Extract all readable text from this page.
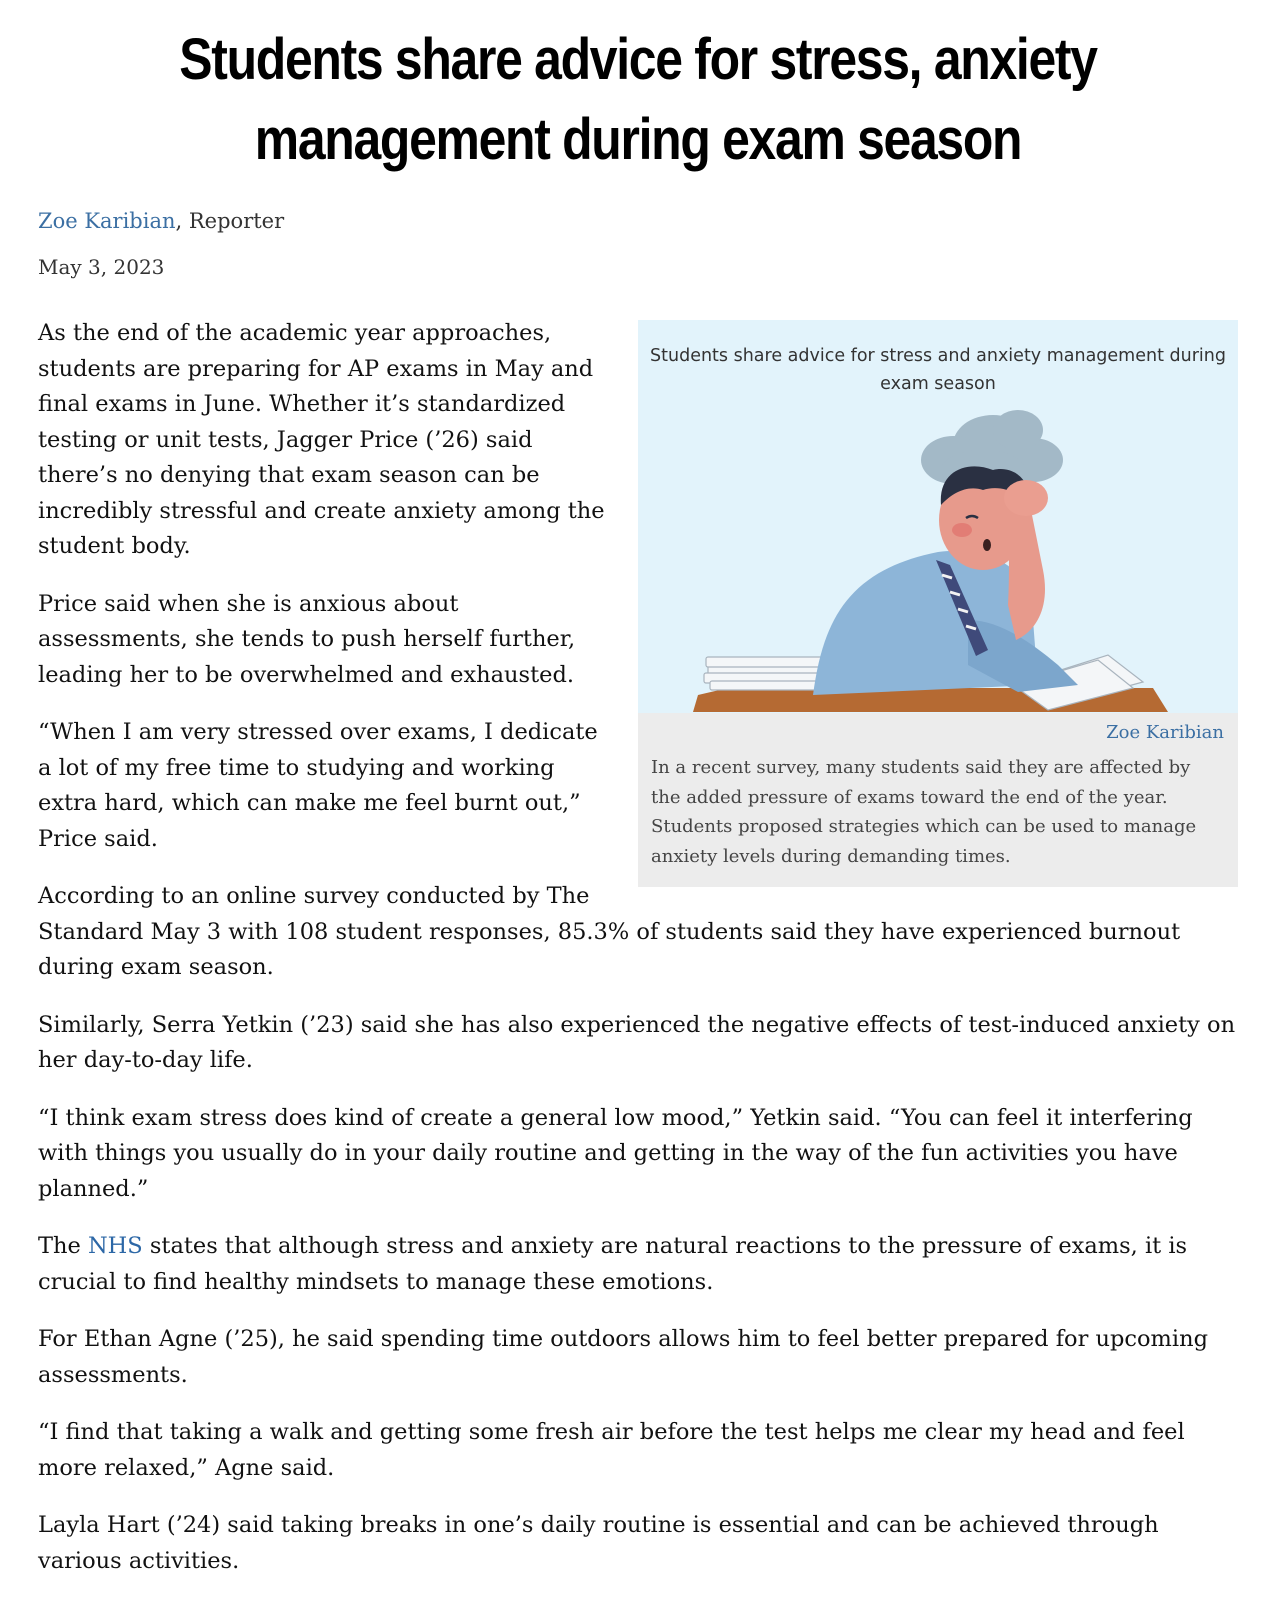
Students share advice for stress, anxiety management during exam season
Zoe Karibian, Reporter
May 3, 2023
Students share advice for stress and anxiety management during exam season
Zoe Karibian
In a recent survey, many students said they are affected by the added pressure of exams toward the end of the year. Students proposed strategies which can be used to manage anxiety levels during demanding times.

As the end of the academic year approaches, students are preparing for AP exams in May and final exams in June. Whether it’s standardized testing or unit tests, Jagger Price (’26) said there’s no denying that exam season can be incredibly stressful and create anxiety among the student body.

Price said when she is anxious about assessments, she tends to push herself further, leading her to be overwhelmed and exhausted.

“When I am very stressed over exams, I dedicate a lot of my free time to studying and working extra hard, which can make me feel burnt out,” Price said.

According to an online survey conducted by The Standard May 3 with 108 student responses, 85.3% of students said they have experienced burnout during exam season.

Similarly, Serra Yetkin (’23) said she has also experienced the negative effects of test-induced anxiety on her day-to-day life.

“I think exam stress does kind of create a general low mood,” Yetkin said. “You can feel it interfering with things you usually do in your daily routine and getting in the way of the fun activities you have planned.”

The NHS states that although stress and anxiety are natural reactions to the pressure of exams, it is crucial to find healthy mindsets to manage these emotions.

For Ethan Agne (’25), he said spending time outdoors allows him to feel better prepared for upcoming assessments.

“I find that taking a walk and getting some fresh air before the test helps me clear my head and feel more relaxed,” Agne said.

Layla Hart (’24) said taking breaks in one’s daily routine is essential and can be achieved through various activities.
